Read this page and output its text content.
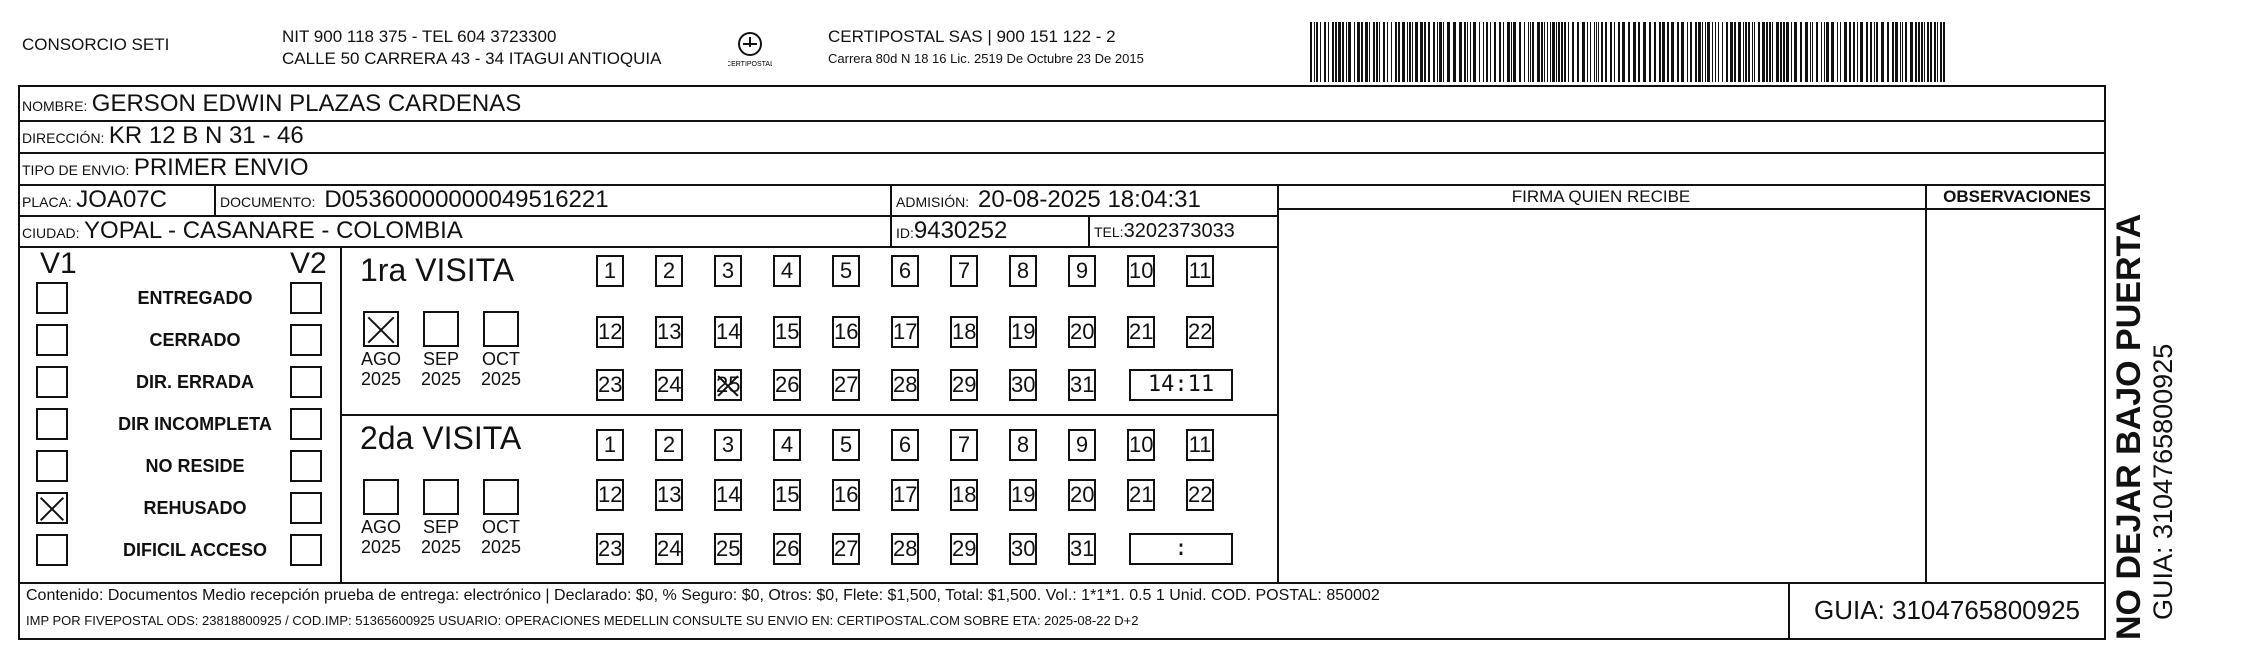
CONSORCIO SETI	NIT 900 118 375 - TEL 604 3723300
CALLE 50 CARRERA 43 - 34 ITAGUI ANTIOQUIA	CERTIPOSTAL
CERTIPOSTAL SAS | 900 151 122 - 2
Carrera 80d N 18 16 Lic. 2519 De Octubre 23 De 2015
NOMBRE: GERSON EDWIN PLAZAS CARDENAS
DIRECCIÓN: KR 12 B N 31 - 46
TIPO DE ENVIO: PRIMER ENVIO
FIRMA QUIEN RECIBE	OBSERVACIONES
PLACA: JOA07C	DOCUMENTO: D05360000000049516221	ADMISIÓN: 20-08-2025 18:04:31
CIUDAD: YOPAL - CASANARE - COLOMBIA	ID:9430252	TEL:3202373033
V1	V2
ENTREGADO
CERRADO
DIR. ERRADA
DIR INCOMPLETA
NO RESIDE
REHUSADO
DIFICIL ACCESO
1ra VISITA
2da VISITA
AGO
2025
SEP
2025
OCT
2025
AGO
2025
SEP
2025
OCT
2025
1	2	3	4	5	6	7	8	9	10 11
12 13 14 15 16 17 18 19 20 21 22
23 24 25 26 27 28 29 30 31	14:11
1	2	3	4	5	6	7	8	9	10 11
12 13 14 15 16 17 18 19 20 21 22
23 24 25 26 27 28 29 30 31	:
Contenido: Documentos Medio recepción prueba de entrega: electrónico | Declarado: $0, % Seguro: $0, Otros: $0, Flete: $1,500, Total: $1,500. Vol.: 1*1*1. 0.5 1 Unid. COD. POSTAL: 850002
IMP POR FIVEPOSTAL ODS: 23818800925 / COD.IMP: 51365600925 USUARIO: OPERACIONES MEDELLIN CONSULTE SU ENVIO EN: CERTIPOSTAL.COM SOBRE ETA: 2025-08-22 D+2	GUIA: 3104765800925 NO DEJAR BAJO PUERTA GUIA: 3104765800925
